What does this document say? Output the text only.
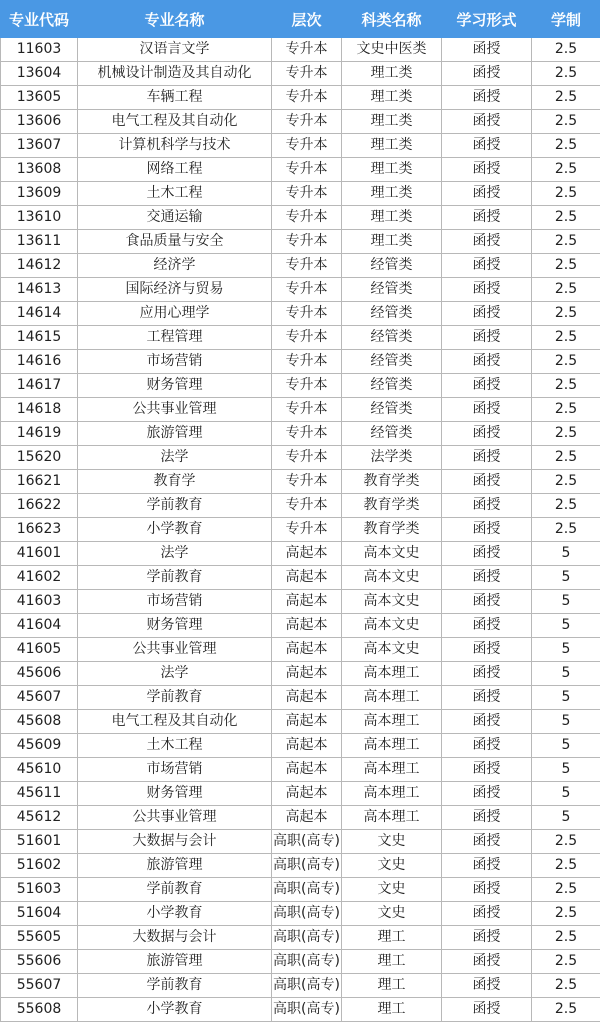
专业代码	专业名称	层次	科类名称	学习形式	学制
11603	汉语言文学	专升本	文史中医类	函授	2.5
13604	机械设计制造及其自动化	专升本	理工类	函授	2.5
13605	车辆工程	专升本	理工类	函授	2.5
13606	电气工程及其自动化	专升本	理工类	函授	2.5
13607	计算机科学与技术	专升本	理工类	函授	2.5
13608	网络工程	专升本	理工类	函授	2.5
13609	土木工程	专升本	理工类	函授	2.5
13610	交通运输	专升本	理工类	函授	2.5
13611	食品质量与安全	专升本	理工类	函授	2.5
14612	经济学	专升本	经管类	函授	2.5
14613	国际经济与贸易	专升本	经管类	函授	2.5
14614	应用心理学	专升本	经管类	函授	2.5
14615	工程管理	专升本	经管类	函授	2.5
14616	市场营销	专升本	经管类	函授	2.5
14617	财务管理	专升本	经管类	函授	2.5
14618	公共事业管理	专升本	经管类	函授	2.5
14619	旅游管理	专升本	经管类	函授	2.5
15620	法学	专升本	法学类	函授	2.5
16621	教育学	专升本	教育学类	函授	2.5
16622	学前教育	专升本	教育学类	函授	2.5
16623	小学教育	专升本	教育学类	函授	2.5
41601	法学	高起本	高本文史	函授	5
41602	学前教育	高起本	高本文史	函授	5
41603	市场营销	高起本	高本文史	函授	5
41604	财务管理	高起本	高本文史	函授	5
41605	公共事业管理	高起本	高本文史	函授	5
45606	法学	高起本	高本理工	函授	5
45607	学前教育	高起本	高本理工	函授	5
45608	电气工程及其自动化	高起本	高本理工	函授	5
45609	土木工程	高起本	高本理工	函授	5
45610	市场营销	高起本	高本理工	函授	5
45611	财务管理	高起本	高本理工	函授	5
45612	公共事业管理	高起本	高本理工	函授	5
51601	大数据与会计	高职(高专)	文史	函授	2.5
51602	旅游管理	高职(高专)	文史	函授	2.5
51603	学前教育	高职(高专)	文史	函授	2.5
51604	小学教育	高职(高专)	文史	函授	2.5
55605	大数据与会计	高职(高专)	理工	函授	2.5
55606	旅游管理	高职(高专)	理工	函授	2.5
55607	学前教育	高职(高专)	理工	函授	2.5
55608	小学教育	高职(高专)	理工	函授	2.5
